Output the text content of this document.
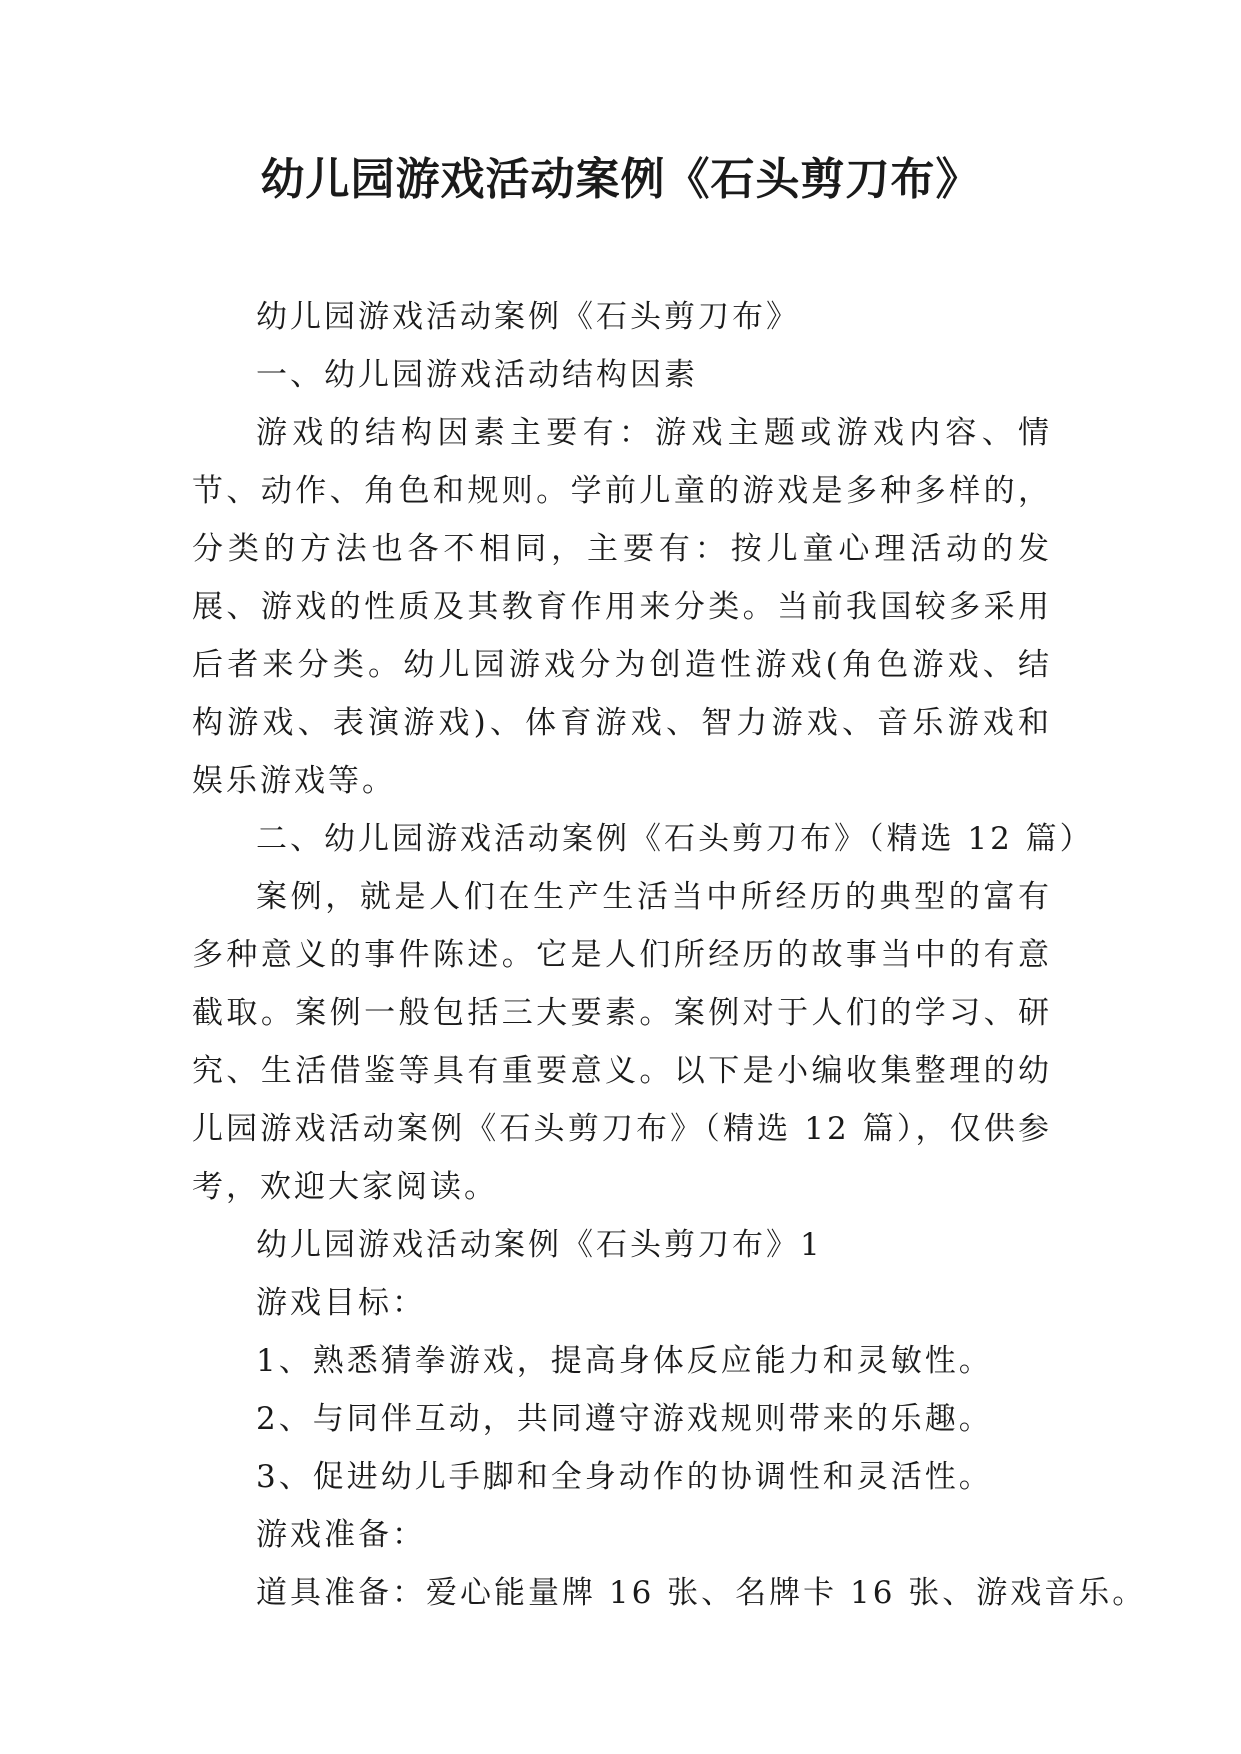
幼儿园游戏活动案例《石头剪刀布》

幼儿园游戏活动案例《石头剪刀布》

一、幼儿园游戏活动结构因素

游戏的结构因素主要有：游戏主题或游戏内容、情节、动作、角色和规则。学前儿童的游戏是多种多样的，分类的方法也各不相同，主要有：按儿童心理活动的发展、游戏的性质及其教育作用来分类。当前我国较多采用后者来分类。幼儿园游戏分为创造性游戏(角色游戏、结构游戏、表演游戏)、体育游戏、智力游戏、音乐游戏和娱乐游戏等。

二、幼儿园游戏活动案例《石头剪刀布》（精选 12 篇）

案例，就是人们在生产生活当中所经历的典型的富有多种意义的事件陈述。它是人们所经历的故事当中的有意截取。案例一般包括三大要素。案例对于人们的学习、研究、生活借鉴等具有重要意义。以下是小编收集整理的幼儿园游戏活动案例《石头剪刀布》（精选 12 篇），仅供参考，欢迎大家阅读。

幼儿园游戏活动案例《石头剪刀布》1

游戏目标：

1、熟悉猜拳游戏，提高身体反应能力和灵敏性。

2、与同伴互动，共同遵守游戏规则带来的乐趣。

3、促进幼儿手脚和全身动作的协调性和灵活性。

游戏准备：

道具准备：爱心能量牌 16 张、名牌卡 16 张、游戏音乐。
